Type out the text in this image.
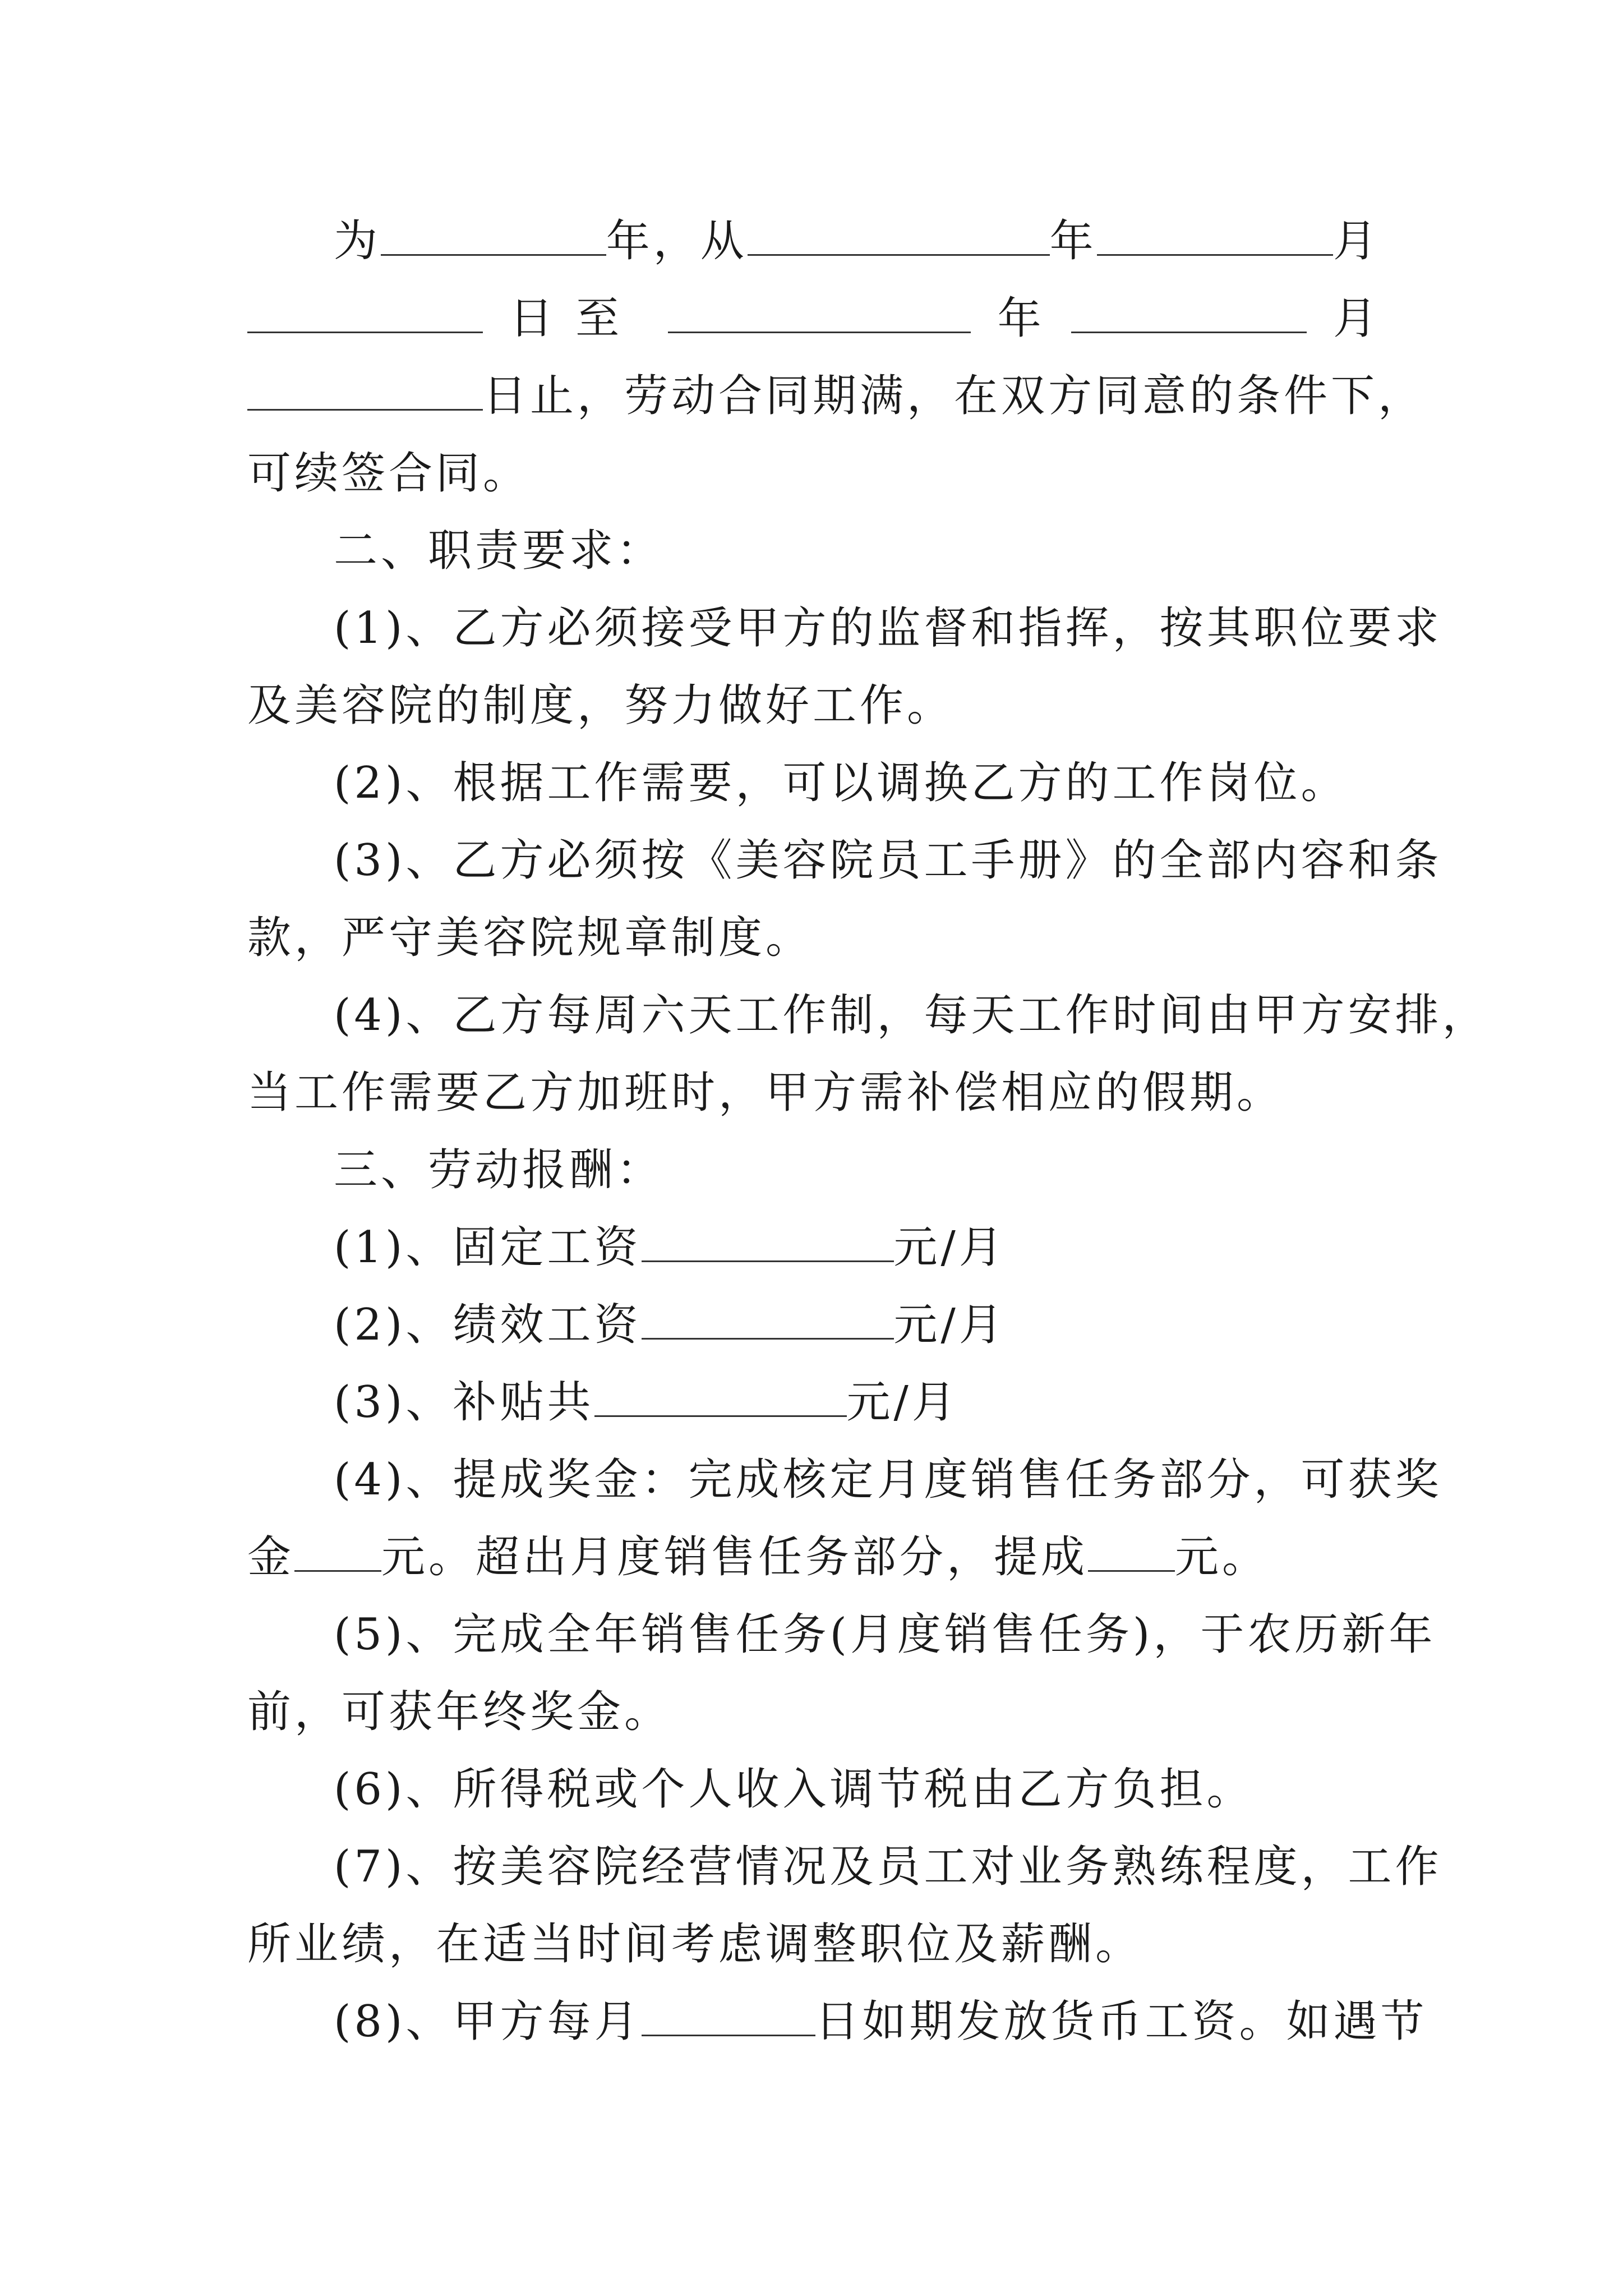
为	年，从	年	月
日至	年	月
日止，劳动合同期满，在双方同意的条件下，
可续签合同。
二、职责要求：
(1)、乙方必须接受甲方的监督和指挥，按其职位要求
及美容院的制度，努力做好工作。
(2)、根据工作需要，可以调换乙方的工作岗位。
(3)、乙方必须按《美容院员工手册》的全部内容和条
款，严守美容院规章制度。
(4)、乙方每周六天工作制，每天工作时间由甲方安排，
当工作需要乙方加班时，甲方需补偿相应的假期。
三、劳动报酬：
(1)、固定工资	元/月
(2)、绩效工资	元/月
(3)、补贴共	元/月
(4)、提成奖金：完成核定月度销售任务部分，可获奖
金 元。超出月度销售任务部分，提成 元。
(5)、完成全年销售任务(月度销售任务)，于农历新年
前，可获年终奖金。
(6)、所得税或个人收入调节税由乙方负担。
(7)、按美容院经营情况及员工对业务熟练程度，工作
所业绩，在适当时间考虑调整职位及薪酬。
(8)、甲方每月	日如期发放货币工资。如遇节
